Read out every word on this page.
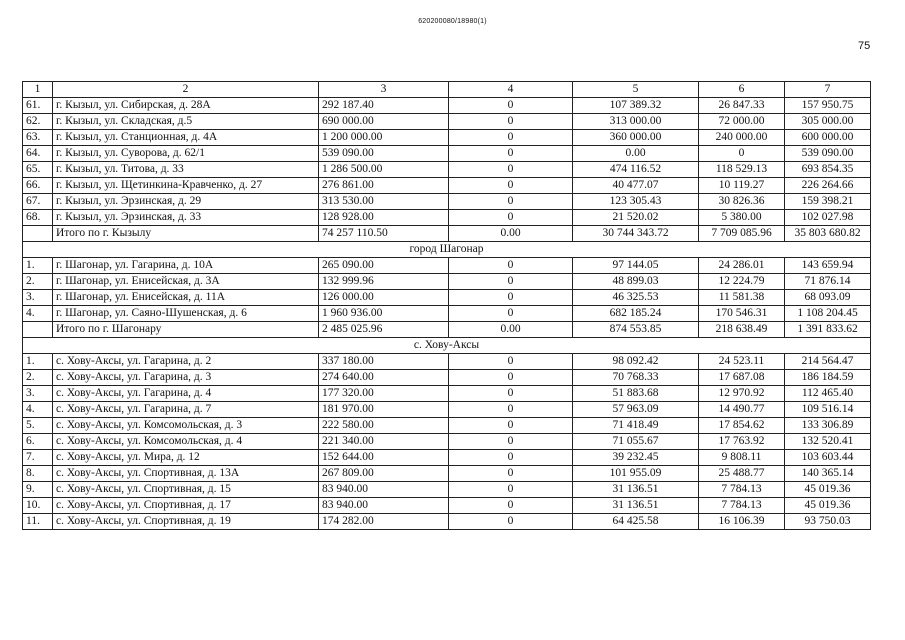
620200080/18980(1)
75
1	2	3	4	5	6	7
61.	г. Кызыл, ул. Сибирская, д. 28А	292 187.40	0	107 389.32	26 847.33	157 950.75
62.	г. Кызыл, ул. Складская, д.5	690 000.00	0	313 000.00	72 000.00	305 000.00
63.	г. Кызыл, ул. Станционная, д. 4А	1 200 000.00	0	360 000.00	240 000.00	600 000.00
64.	г. Кызыл, ул. Суворова, д. 62/1	539 090.00	0	0.00	0	539 090.00
65.	г. Кызыл, ул. Титова, д. 33	1 286 500.00	0	474 116.52	118 529.13	693 854.35
66.	г. Кызыл, ул. Щетинкина-Кравченко, д. 27	276 861.00	0	40 477.07	10 119.27	226 264.66
67.	г. Кызыл, ул. Эрзинская, д. 29	313 530.00	0	123 305.43	30 826.36	159 398.21
68.	г. Кызыл, ул. Эрзинская, д. 33	128 928.00	0	21 520.02	5 380.00	102 027.98
	Итого по г. Кызылу	74 257 110.50	0.00	30 744 343.72	7 709 085.96	35 803 680.82
город Шагонар						
1.	г. Шагонар, ул. Гагарина, д. 10А	265 090.00	0	97 144.05	24 286.01	143 659.94
2.	г. Шагонар, ул. Енисейская, д. 3А	132 999.96	0	48 899.03	12 224.79	71 876.14
3.	г. Шагонар, ул. Енисейская, д. 11А	126 000.00	0	46 325.53	11 581.38	68 093.09
4.	г. Шагонар, ул. Саяно-Шушенская, д. 6	1 960 936.00	0	682 185.24	170 546.31	1 108 204.45
	Итого по г. Шагонару	2 485 025.96	0.00	874 553.85	218 638.49	1 391 833.62
с. Хову-Аксы						
1.	с. Хову-Аксы, ул. Гагарина, д. 2	337 180.00	0	98 092.42	24 523.11	214 564.47
2.	с. Хову-Аксы, ул. Гагарина, д. 3	274 640.00	0	70 768.33	17 687.08	186 184.59
3.	с. Хову-Аксы, ул. Гагарина, д. 4	177 320.00	0	51 883.68	12 970.92	112 465.40
4.	с. Хову-Аксы, ул. Гагарина, д. 7	181 970.00	0	57 963.09	14 490.77	109 516.14
5.	с. Хову-Аксы, ул. Комсомольская, д. 3	222 580.00	0	71 418.49	17 854.62	133 306.89
6.	с. Хову-Аксы, ул. Комсомольская, д. 4	221 340.00	0	71 055.67	17 763.92	132 520.41
7.	с. Хову-Аксы, ул. Мира, д. 12	152 644.00	0	39 232.45	9 808.11	103 603.44
8.	с. Хову-Аксы, ул. Спортивная, д. 13А	267 809.00	0	101 955.09	25 488.77	140 365.14
9.	с. Хову-Аксы, ул. Спортивная, д. 15	83 940.00	0	31 136.51	7 784.13	45 019.36
10.	с. Хову-Аксы, ул. Спортивная, д. 17	83 940.00	0	31 136.51	7 784.13	45 019.36
11.	с. Хову-Аксы, ул. Спортивная, д. 19	174 282.00	0	64 425.58	16 106.39	93 750.03
